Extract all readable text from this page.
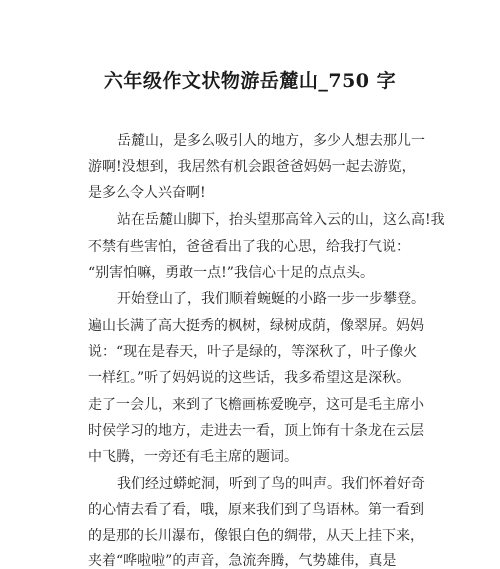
六年级作文状物游岳麓山_750 字
岳麓山，是多么吸引人的地方，多少人想去那儿一
游啊!没想到，我居然有机会跟爸爸妈妈一起去游览，
是多么令人兴奋啊!
站在岳麓山脚下，抬头望那高耸入云的山，这么高!我
不禁有些害怕，爸爸看出了我的心思，给我打气说：
“别害怕嘛，勇敢一点!”我信心十足的点点头。
开始登山了，我们顺着蜿蜒的小路一步一步攀登。
遍山长满了高大挺秀的枫树，绿树成荫，像翠屏。妈妈
说：“现在是春天，叶子是绿的，等深秋了，叶子像火
一样红。”听了妈妈说的这些话，我多希望这是深秋。
走了一会儿，来到了飞檐画栋爱晚亭，这可是毛主席小
时侯学习的地方，走进去一看，顶上饰有十条龙在云层
中飞腾，一旁还有毛主席的题词。
我们经过蟒蛇洞，听到了鸟的叫声。我们怀着好奇
的心情去看了看，哦，原来我们到了鸟语林。第一看到
的是那的长川瀑布，像银白色的绸带，从天上挂下来，
夹着“哗啦啦”的声音，急流奔腾，气势雄伟，真是
